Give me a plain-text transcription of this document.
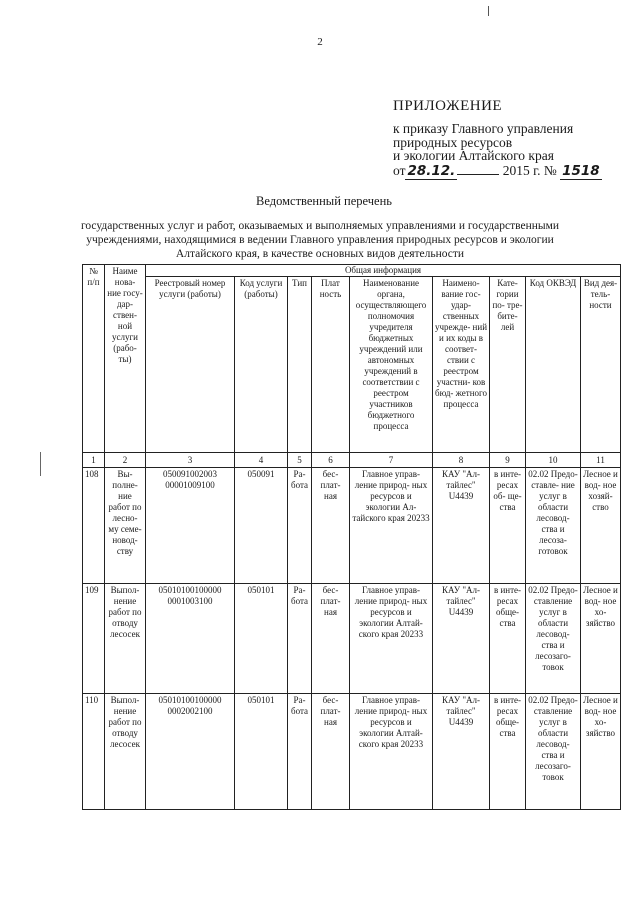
2
ПРИЛОЖЕНИЕ
к приказу Главного управления
природных ресурсов
и экологии Алтайского края
от 28.12.	2015 г. № 1518
Ведомственный перечень
государственных услуг и работ, оказываемых и выполняемых управлениями и государственными учреждениями, находящимися в ведении Главного управления природных ресурсов и экологии Алтайского края, в качестве основных видов деятельности
№ п/п	Наиме нова- ние госу- дар- ствен- ной услуги (рабо- ты)	Общая информация								
		Реестровый номер услуги (работы)	Код услуги (работы)	Тип	Плат ность	Наименование органа, осуществляющего полномочия учредителя бюджетных учреждений или автономных учреждений в соответствии с реестром участников бюджетного процесса	Наимено- вание гос- удар- ственных учрежде- ний и их коды в соответ- ствии с реестром участни- ков бюд- жетного процесса	Кате- гории по- тре- бите- лей	Код ОКВЭД	Вид дея- тель- ности
1	2	3	4	5	6	7	8	9	10	11
108	Вы- полне- ние работ по лесно- му семе- новод- ству	050091002003 00001009100	050091	Ра- бота	бес- плат- ная	Главное управ- ление природ- ных ресурсов и экологии Ал- тайского края 20233	КАУ "Ал- тайлес" U4439	в инте- ресах об- ще- ства	02.02 Предо- ставле- ние услуг в области лесовод- ства и лесоза- готовок	Лесное и вод- ное хозяй- ство
109	Выпол- нение работ по отводу лесосек	05010100100000 0001003100	050101	Ра- бота	бес- плат- ная	Главное управ- ление природ- ных ресурсов и экологии Алтай- ского края 20233	КАУ "Ал- тайлес" U4439	в инте- ресах обще- ства	02.02 Предо- ставление услуг в области лесовод- ства и лесозаго- товок	Лесное и вод- ное хо- зяйство
110	Выпол- нение работ по отводу лесосек	05010100100000 0002002100	050101	Ра- бота	бес- плат- ная	Главное управ- ление природ- ных ресурсов и экологии Алтай- ского края 20233	КАУ "Ал- тайлес" U4439	в инте- ресах обще- ства	02.02 Предо- ставление услуг в области лесовод- ства и лесозаго- товок	Лесное и вод- ное хо- зяйство
